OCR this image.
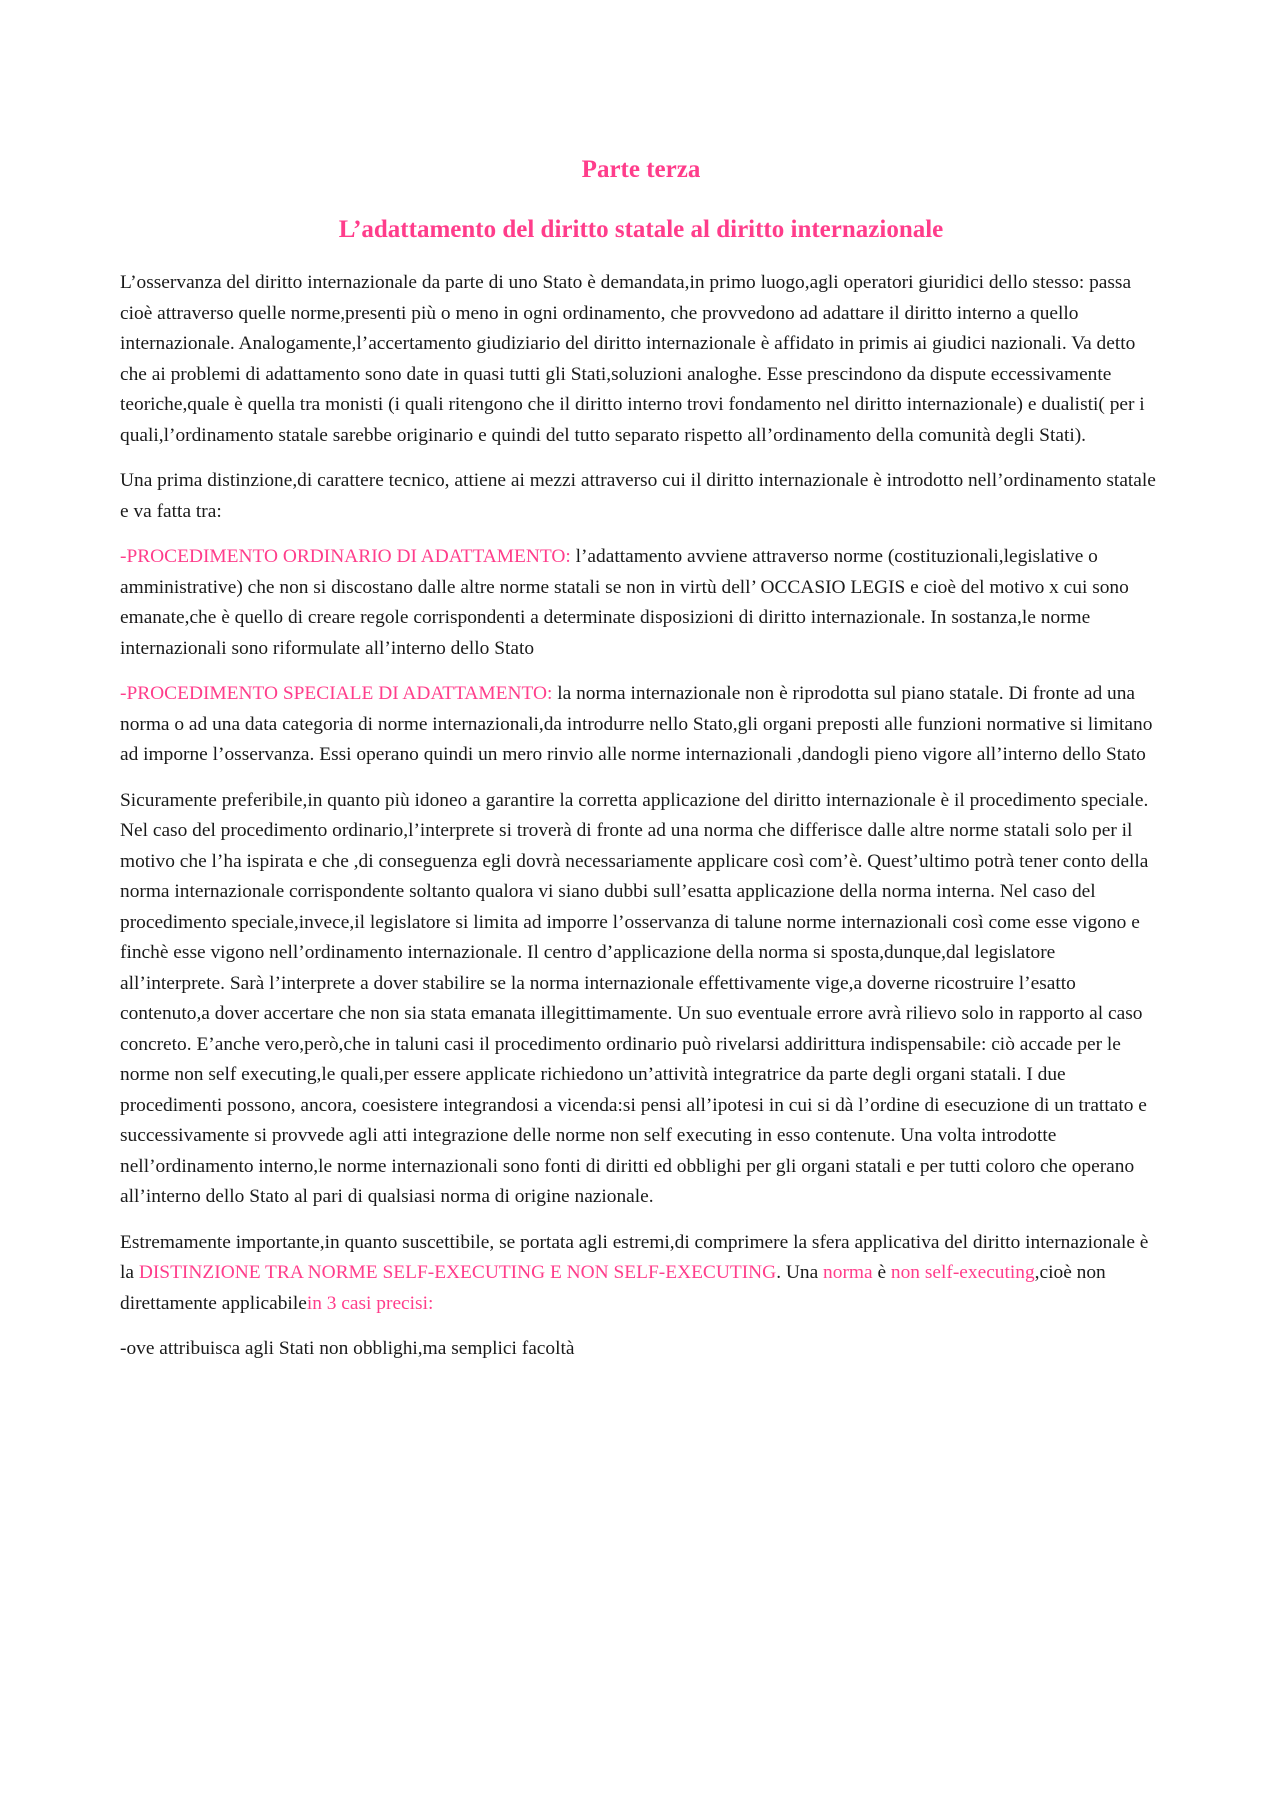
Parte terza
L’adattamento del diritto statale al diritto internazionale

L’osservanza del diritto internazionale da parte di uno Stato è demandata,in primo luogo,agli operatori giuridici dello stesso: passa cioè attraverso quelle norme,presenti più o meno in ogni ordinamento, che provvedono ad adattare il diritto interno a quello internazionale. Analogamente,l’accertamento giudiziario del diritto internazionale è affidato in primis ai giudici nazionali. Va detto che ai problemi di adattamento sono date in quasi tutti gli Stati,soluzioni analoghe. Esse prescindono da dispute eccessivamente teoriche,quale è quella tra monisti (i quali ritengono che il diritto interno trovi fondamento nel diritto internazionale) e dualisti( per i quali,l’ordinamento statale sarebbe originario e quindi del tutto separato rispetto all’ordinamento della comunità degli Stati).

Una prima distinzione,di carattere tecnico, attiene ai mezzi attraverso cui il diritto internazionale è introdotto nell’ordinamento statale e va fatta tra:

-PROCEDIMENTO ORDINARIO DI ADATTAMENTO: l’adattamento avviene attraverso norme (costituzionali,legislative o amministrative) che non si discostano dalle altre norme statali se non in virtù dell’ OCCASIO LEGIS e cioè del motivo x cui sono emanate,che è quello di creare regole corrispondenti a determinate disposizioni di diritto internazionale. In sostanza,le norme internazionali sono riformulate all’interno dello Stato

-PROCEDIMENTO SPECIALE DI ADATTAMENTO: la norma internazionale non è riprodotta sul piano statale. Di fronte ad una norma o ad una data categoria di norme internazionali,da introdurre nello Stato,gli organi preposti alle funzioni normative si limitano ad imporne l’osservanza. Essi operano quindi un mero rinvio alle norme internazionali ,dandogli pieno vigore all’interno dello Stato

Sicuramente preferibile,in quanto più idoneo a garantire la corretta applicazione del diritto internazionale è il procedimento speciale. Nel caso del procedimento ordinario,l’interprete si troverà di fronte ad una norma che differisce dalle altre norme statali solo per il motivo che l’ha ispirata e che ,di conseguenza egli dovrà necessariamente applicare così com’è. Quest’ultimo potrà tener conto della norma internazionale corrispondente soltanto qualora vi siano dubbi sull’esatta applicazione della norma interna. Nel caso del procedimento speciale,invece,il legislatore si limita ad imporre l’osservanza di talune norme internazionali così come esse vigono e finchè esse vigono nell’ordinamento internazionale. Il centro d’applicazione della norma si sposta,dunque,dal legislatore all’interprete. Sarà l’interprete a dover stabilire se la norma internazionale effettivamente vige,a doverne ricostruire l’esatto contenuto,a dover accertare che non sia stata emanata illegittimamente. Un suo eventuale errore avrà rilievo solo in rapporto al caso concreto. E’anche vero,però,che in taluni casi il procedimento ordinario può rivelarsi addirittura indispensabile: ciò accade per le norme non self executing,le quali,per essere applicate richiedono un’attività integratrice da parte degli organi statali. I due procedimenti possono, ancora, coesistere integrandosi a vicenda:si pensi all’ipotesi in cui si dà l’ordine di esecuzione di un trattato e successivamente si provvede agli atti integrazione delle norme non self executing in esso contenute. Una volta introdotte nell’ordinamento interno,le norme internazionali sono fonti di diritti ed obblighi per gli organi statali e per tutti coloro che operano all’interno dello Stato al pari di qualsiasi norma di origine nazionale.

Estremamente importante,in quanto suscettibile, se portata agli estremi,di comprimere la sfera applicativa del diritto internazionale è la DISTINZIONE TRA NORME SELF-EXECUTING E NON SELF-EXECUTING. Una norma è non self-executing,cioè non direttamente applicabilein 3 casi precisi:

-ove attribuisca agli Stati non obblighi,ma semplici facoltà
